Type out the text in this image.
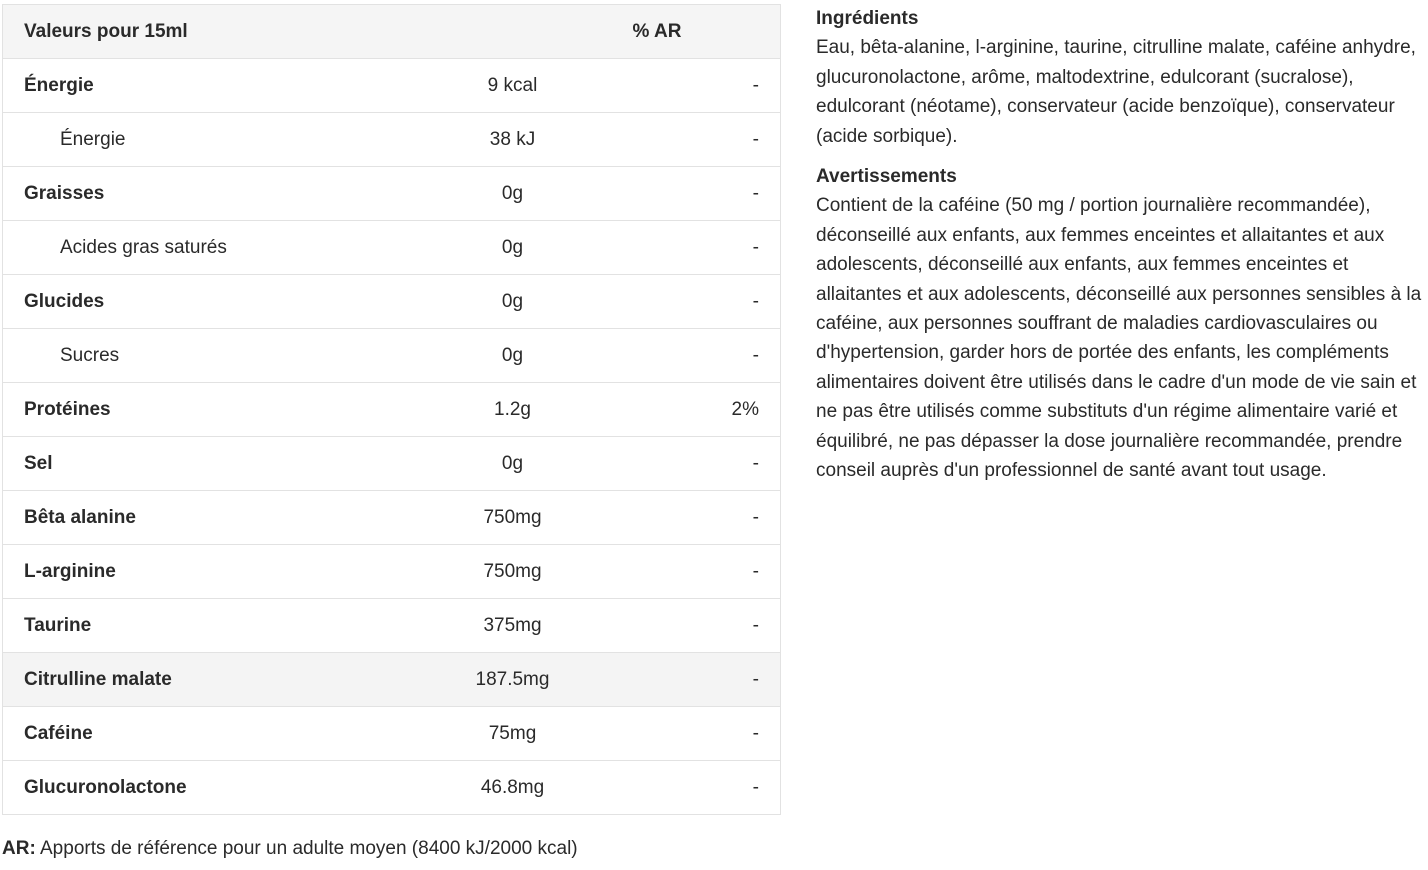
Valeurs pour 15ml		% AR
Énergie	9 kcal	-
Énergie	38 kJ	-
Graisses	0g	-
Acides gras saturés	0g	-
Glucides	0g	-
Sucres	0g	-
Protéines	1.2g	2%
Sel	0g	-
Bêta alanine	750mg	-
L-arginine	750mg	-
Taurine	375mg	-
Citrulline malate	187.5mg	-
Caféine	75mg	-
Glucuronolactone	46.8mg	-
AR: Apports de référence pour un adulte moyen (8400 kJ/2000 kcal)
Ingrédients

Eau, bêta-alanine, l-arginine, taurine, citrulline malate, caféine anhydre, glucuronolactone, arôme, maltodextrine, edulcorant (sucralose), edulcorant (néotame), conservateur (acide benzoïque), conservateur (acide sorbique).

Avertissements

Contient de la caféine (50 mg / portion journalière recommandée), déconseillé aux enfants, aux femmes enceintes et allaitantes et aux adolescents, déconseillé aux enfants, aux femmes enceintes et allaitantes et aux adolescents, déconseillé aux personnes sensibles à la caféine, aux personnes souffrant de maladies cardiovasculaires ou d'hypertension, garder hors de portée des enfants, les compléments alimentaires doivent être utilisés dans le cadre d'un mode de vie sain et ne pas être utilisés comme substituts d'un régime alimentaire varié et équilibré, ne pas dépasser la dose journalière recommandée, prendre conseil auprès d'un professionnel de santé avant tout usage.
